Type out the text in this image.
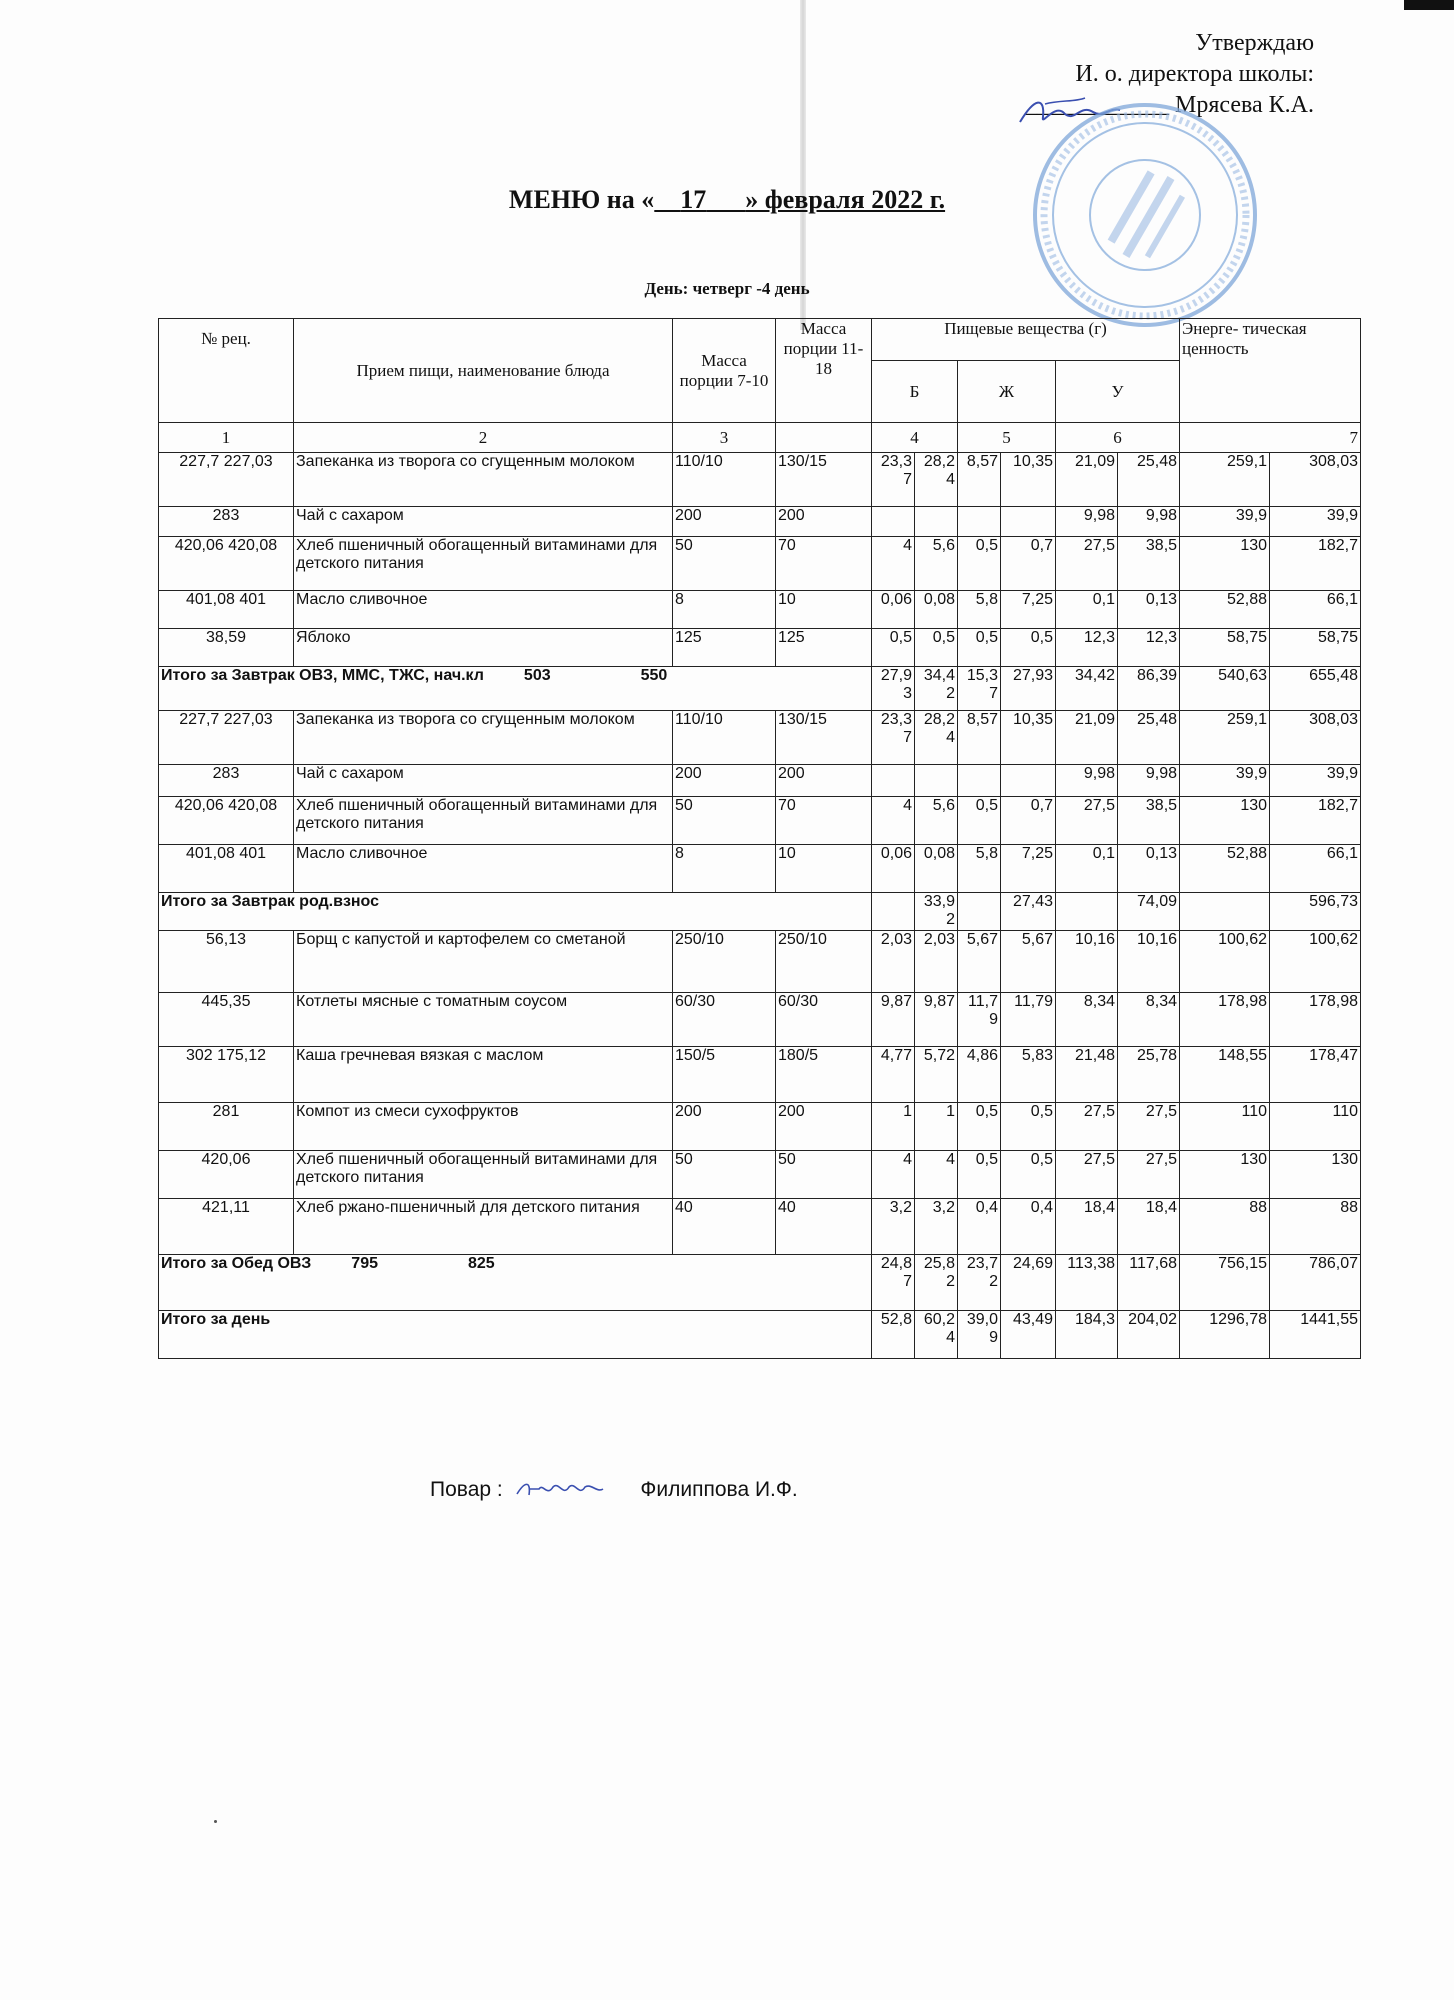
Утверждаю
И. о. директора школы:
____________ Мрясева К.А.
МЕНЮ на « 17 » февраля 2022 г.
День: четверг -4 день
№ рец.	Прием пищи, наименование блюда	Масса порции 7-10	Масса порции 11-18	Пищевые вещества (г)						Энерге- тическая ценность	
				Б		Ж		У			
1	2	3		4		5		6		7	
227,7 227,03	Запеканка из творога со сгущенным молоком	110/10	130/15	23,37	28,24	8,57	10,35	21,09	25,48	259,1	308,03
283	Чай с сахаром	200	200					9,98	9,98	39,9	39,9
420,06 420,08	Хлеб пшеничный обогащенный витаминами для детского питания	50	70	4	5,6	0,5	0,7	27,5	38,5	130	182,7
401,08 401	Масло сливочное	8	10	0,06	0,08	5,8	7,25	0,1	0,13	52,88	66,1
38,59	Яблоко	125	125	0,5	0,5	0,5	0,5	12,3	12,3	58,75	58,75
Итого за Завтрак ОВЗ, ММС, ТЖС, нач.кл 503 550				27,93	34,42	15,37	27,93	34,42	86,39	540,63	655,48
227,7 227,03	Запеканка из творога со сгущенным молоком	110/10	130/15	23,37	28,24	8,57	10,35	21,09	25,48	259,1	308,03
283	Чай с сахаром	200	200					9,98	9,98	39,9	39,9
420,06 420,08	Хлеб пшеничный обогащенный витаминами для детского питания	50	70	4	5,6	0,5	0,7	27,5	38,5	130	182,7
401,08 401	Масло сливочное	8	10	0,06	0,08	5,8	7,25	0,1	0,13	52,88	66,1
Итого за Завтрак род.взнос					33,92		27,43		74,09		596,73
56,13	Борщ с капустой и картофелем со сметаной	250/10	250/10	2,03	2,03	5,67	5,67	10,16	10,16	100,62	100,62
445,35	Котлеты мясные с томатным соусом	60/30	60/30	9,87	9,87	11,79	11,79	8,34	8,34	178,98	178,98
302 175,12	Каша гречневая вязкая с маслом	150/5	180/5	4,77	5,72	4,86	5,83	21,48	25,78	148,55	178,47
281	Компот из смеси сухофруктов	200	200	1	1	0,5	0,5	27,5	27,5	110	110
420,06	Хлеб пшеничный обогащенный витаминами для детского питания	50	50	4	4	0,5	0,5	27,5	27,5	130	130
421,11	Хлеб ржано-пшеничный для детского питания	40	40	3,2	3,2	0,4	0,4	18,4	18,4	88	88
Итого за Обед ОВЗ 795 825				24,87	25,82	23,72	24,69	113,38	117,68	756,15	786,07
Итого за день				52,8	60,24	39,09	43,49	184,3	204,02	1296,78	1441,55
Повар :	Филиппова И.Ф.
